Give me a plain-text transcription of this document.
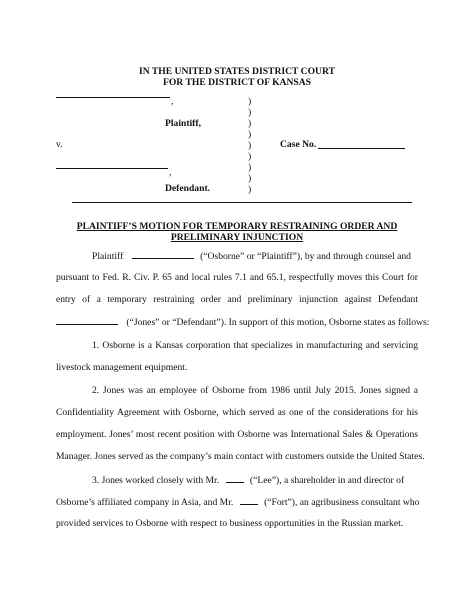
IN THE UNITED STATES DISTRICT COURT
FOR THE DISTRICT OF KANSAS
,
Plaintiff,
v.
,
Defendant.
)
)
)
)
)
)
)
)
)
Case No.
PLAINTIFF’S MOTION FOR TEMPORARY RESTRAINING ORDER AND
PRELIMINARY INJUNCTION
Plaintiff	(“Osborne” or “Plaintiff”), by and through counsel and
pursuant to Fed. R. Civ. P. 65 and local rules 7.1 and 65.1, respectfully moves this Court for
entry of a temporary restraining order and preliminary injunction against Defendant
(“Jones” or “Defendant”). In support of this motion, Osborne states as follows:
1. Osborne is a Kansas corporation that specializes in manufacturing and servicing
livestock management equipment.
2. Jones was an employee of Osborne from 1986 until July 2015. Jones signed a
Confidentiality Agreement with Osborne, which served as one of the considerations for his
employment. Jones’ most recent position with Osborne was International Sales & Operations
Manager. Jones served as the company’s main contact with customers outside the United States.
3. Jones worked closely with Mr.	(“Lee”), a shareholder in and director of
Osborne’s affiliated company in Asia, and Mr.	(“Fort”), an agribusiness consultant who
provided services to Osborne with respect to business opportunities in the Russian market.
